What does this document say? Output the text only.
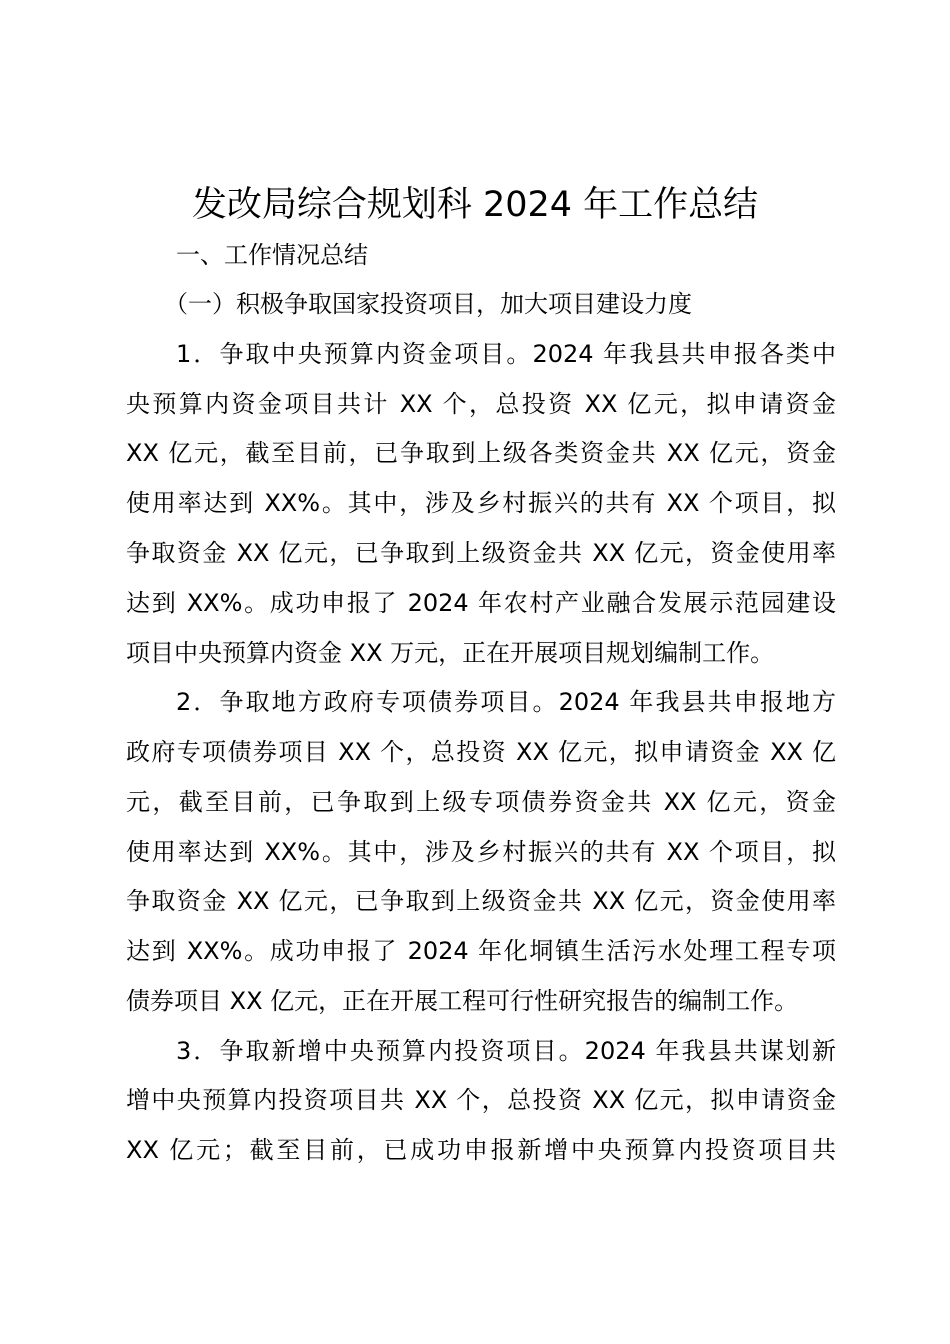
发改局综合规划科 2024 年工作总结
一、工作情况总结
（一）积极争取国家投资项目，加大项目建设力度
1．争取中央预算内资金项目。2024 年我县共申报各类中
央预算内资金项目共计 XX 个，总投资 XX 亿元，拟申请资金
XX 亿元，截至目前，已争取到上级各类资金共 XX 亿元，资金
使用率达到 XX%。其中，涉及乡村振兴的共有 XX 个项目，拟
争取资金 XX 亿元，已争取到上级资金共 XX 亿元，资金使用率
达到 XX%。成功申报了 2024 年农村产业融合发展示范园建设
项目中央预算内资金 XX 万元，正在开展项目规划编制工作。
2．争取地方政府专项债券项目。2024 年我县共申报地方
政府专项债券项目 XX 个，总投资 XX 亿元，拟申请资金 XX 亿
元，截至目前，已争取到上级专项债券资金共 XX 亿元，资金
使用率达到 XX%。其中，涉及乡村振兴的共有 XX 个项目，拟
争取资金 XX 亿元，已争取到上级资金共 XX 亿元，资金使用率
达到 XX%。成功申报了 2024 年化垌镇生活污水处理工程专项
债券项目 XX 亿元，正在开展工程可行性研究报告的编制工作。
3．争取新增中央预算内投资项目。2024 年我县共谋划新
增中央预算内投资项目共 XX 个，总投资 XX 亿元，拟申请资金
XX 亿元；截至目前，已成功申报新增中央预算内投资项目共
